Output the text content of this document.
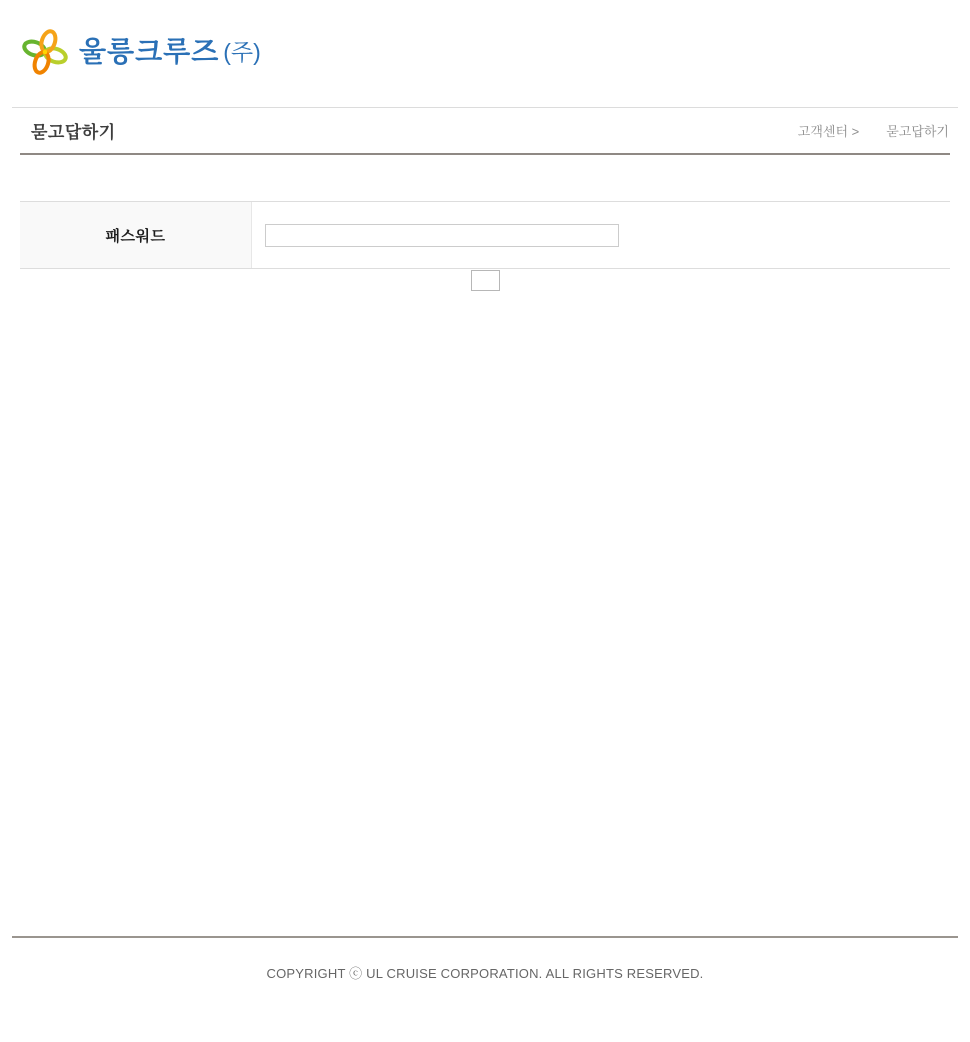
울릉크루즈 (주)
묻고답하기	고객센터 > 묻고답하기
패스워드

COPYRIGHT ⓒ UL CRUISE CORPORATION. ALL RIGHTS RESERVED.
